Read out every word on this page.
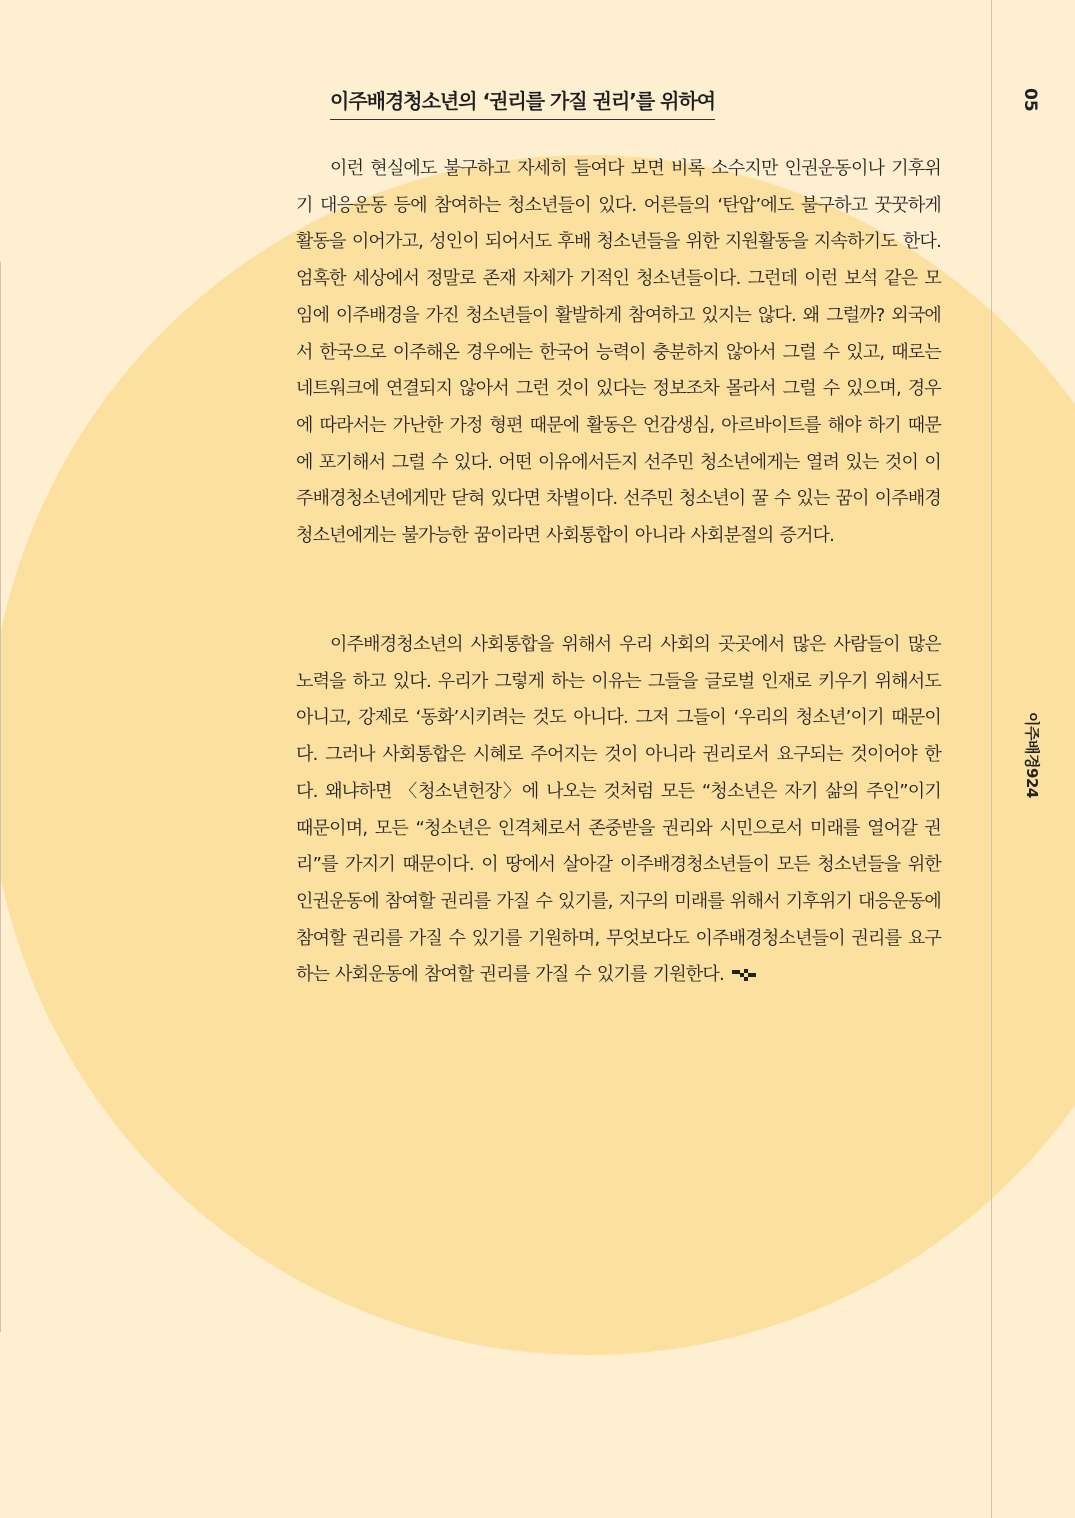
이주배경청소년의 ‘권리를 가질 권리’를 위하여
이런 현실에도 불구하고 자세히 들여다 보면 비록 소수지만 인권운동이나 기후위기 대응운동 등에 참여하는 청소년들이 있다. 어른들의 ‘탄압’에도 불구하고 꿋꿋하게 활동을 이어가고, 성인이 되어서도 후배 청소년들을 위한 지원활동을 지속하기도 한다. 엄혹한 세상에서 정말로 존재 자체가 기적인 청소년들이다. 그런데 이런 보석 같은 모임에 이주배경을 가진 청소년들이 활발하게 참여하고 있지는 않다. 왜 그럴까? 외국에서 한국으로 이주해온 경우에는 한국어 능력이 충분하지 않아서 그럴 수 있고, 때로는 네트워크에 연결되지 않아서 그런 것이 있다는 정보조차 몰라서 그럴 수 있으며, 경우에 따라서는 가난한 가정 형편 때문에 활동은 언감생심, 아르바이트를 해야 하기 때문에 포기해서 그럴 수 있다. 어떤 이유에서든지 선주민 청소년에게는 열려 있는 것이 이주배경청소년에게만 닫혀 있다면 차별이다. 선주민 청소년이 꿀 수 있는 꿈이 이주배경청소년에게는 불가능한 꿈이라면 사회통합이 아니라 사회분절의 증거다.
이주배경청소년의 사회통합을 위해서 우리 사회의 곳곳에서 많은 사람들이 많은 노력을 하고 있다. 우리가 그렇게 하는 이유는 그들을 글로벌 인재로 키우기 위해서도 아니고, 강제로 ‘동화’시키려는 것도 아니다. 그저 그들이 ‘우리의 청소년’이기 때문이다. 그러나 사회통합은 시혜로 주어지는 것이 아니라 권리로서 요구되는 것이어야 한다. 왜냐하면 〈청소년헌장〉에 나오는 것처럼 모든 “청소년은 자기 삶의 주인”이기 때문이며, 모든 “청소년은 인격체로서 존중받을 권리와 시민으로서 미래를 열어갈 권리”를 가지기 때문이다. 이 땅에서 살아갈 이주배경청소년들이 모든 청소년들을 위한 인권운동에 참여할 권리를 가질 수 있기를, 지구의 미래를 위해서 기후위기 대응운동에 참여할 권리를 가질 수 있기를 기원하며, 무엇보다도 이주배경청소년들이 권리를 요구하는 사회운동에 참여할 권리를 가질 수 있기를 기원한다.
05
이주배경924
